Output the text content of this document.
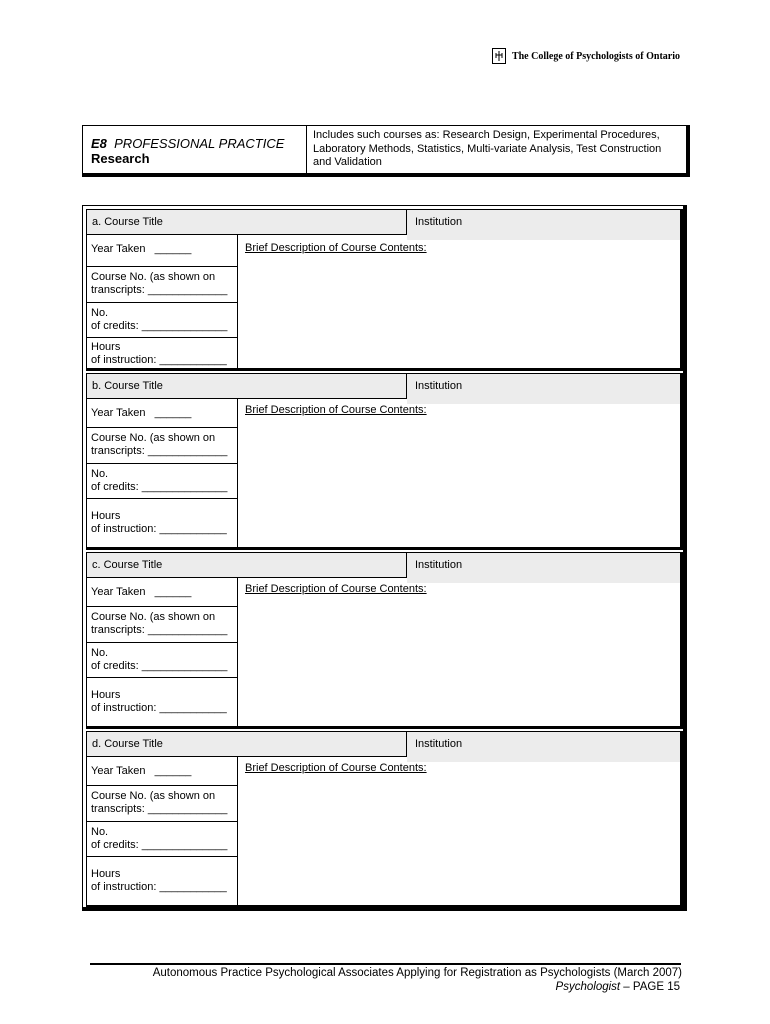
The College of Psychologists of Ontario
E8 PROFESSIONAL PRACTICE
Research
Includes such courses as: Research Design, Experimental Procedures, Laboratory Methods, Statistics, Multi-variate Analysis, Test Construction and Validation
a. Course Title	Institution
Year Taken ______
Course No. (as shown on
transcripts: _____________
No.
of credits: ______________
Hours
of instruction: ___________
Brief Description of Course Contents:
b. Course Title	Institution
Year Taken ______
Course No. (as shown on
transcripts: _____________
No.
of credits: ______________
Hours
of instruction: ___________
Brief Description of Course Contents:
c. Course Title	Institution
Year Taken ______
Course No. (as shown on
transcripts: _____________
No.
of credits: ______________
Hours
of instruction: ___________
Brief Description of Course Contents:
d. Course Title	Institution
Year Taken ______
Course No. (as shown on
transcripts: _____________
No.
of credits: ______________
Hours
of instruction: ___________
Brief Description of Course Contents:
Autonomous Practice Psychological Associates Applying for Registration as Psychologists (March 2007)
Psychologist – PAGE 15
